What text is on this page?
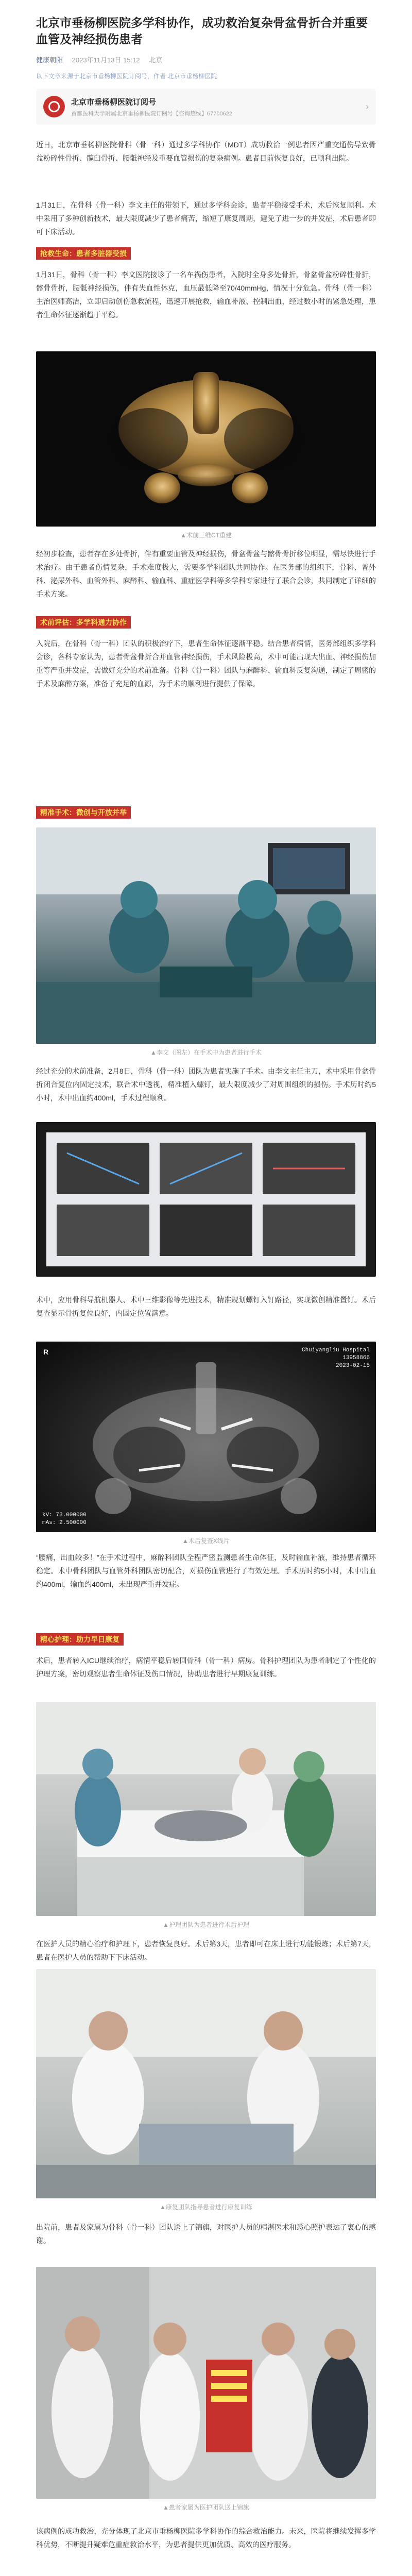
北京市垂杨柳医院多学科协作，成功救治复杂骨盆骨折合并重要血管及神经损伤患者
健康朝阳 2023年11月13日 15:12 北京
以下文章来源于北京市垂杨柳医院订阅号，作者 北京市垂杨柳医院
北京市垂杨柳医院订阅号
首都医科大学附属北京垂杨柳医院订阅号【咨询热线】67700622
›

近日，北京市垂杨柳医院骨科（骨一科）通过多学科协作（MDT）成功救治一例患者因严重交通伤导致骨盆粉碎性骨折、髋臼骨折、腰骶神经及重要血管损伤的复杂病例。患者目前恢复良好，已顺利出院。

1月31日，在骨科（骨一科）李文主任的带领下，通过多学科会诊，患者平稳接受手术，术后恢复顺利。术中采用了多种创新技术，最大限度减少了患者痛苦，缩短了康复周期，避免了进一步的并发症，术后患者即可下床活动。

抢救生命：患者多脏器受损

1月31日，骨科（骨一科）李文医院接诊了一名车祸伤患者，入院时全身多处骨折，骨盆骨盆粉碎性骨折，髂骨骨折，腰骶神经损伤，伴有失血性休克，血压最低降至70/40mmHg，情况十分危急。骨科（骨一科）主治医师高洁，立即启动创伤急救流程，迅速开展抢救，输血补液、控制出血，经过数小时的紧急处理，患者生命体征逐渐趋于平稳。

▲术前三维CT重建

经初步检查，患者存在多处骨折，伴有重要血管及神经损伤，骨盆骨盆与髂骨骨折移位明显，需尽快进行手术治疗。由于患者伤情复杂，手术难度极大，需要多学科团队共同协作。在医务部的组织下，骨科、普外科、泌尿外科、血管外科、麻醉科、输血科、重症医学科等多学科专家进行了联合会诊，共同制定了详细的手术方案。

术前评估：多学科通力协作

入院后，在骨科（骨一科）团队的积极治疗下，患者生命体征逐渐平稳。结合患者病情，医务部组织多学科会诊，各科专家认为，患者骨盆骨折合并血管神经损伤，手术风险极高，术中可能出现大出血、神经损伤加重等严重并发症，需做好充分的术前准备。骨科（骨一科）团队与麻醉科、输血科反复沟通，制定了周密的手术及麻醉方案，准备了充足的血源，为手术的顺利进行提供了保障。

精准手术：微创与开放并举
▲李文（图左）在手术中为患者进行手术

经过充分的术前准备，2月8日，骨科（骨一科）团队为患者实施了手术。由李文主任主刀，术中采用骨盆骨折闭合复位内固定技术，联合术中透视，精准植入螺钉，最大限度减少了对周围组织的损伤。手术历时约5小时，术中出血约400ml，手术过程顺利。

术中，应用骨科导航机器人、术中三维影像等先进技术，精准规划螺钉入钉路径，实现微创精准置钉。术后复查显示骨折复位良好，内固定位置满意。

Chuiyangliu Hospital
13958866
2023-02-15
kV: 73.000000
mAs: 2.500000
R
▲术后复查X线片

“腰痛，出血较多！”在手术过程中，麻醉科团队全程严密监测患者生命体征，及时输血补液，维持患者循环稳定。术中骨科团队与血管外科团队密切配合，对损伤血管进行了有效处理。手术历时约5小时，术中出血约400ml，输血约400ml，未出现严重并发症。

精心护理：助力早日康复

术后，患者转入ICU继续治疗，病情平稳后转回骨科（骨一科）病房。骨科护理团队为患者制定了个性化的护理方案，密切观察患者生命体征及伤口情况，协助患者进行早期康复训练。

▲护理团队为患者进行术后护理

在医护人员的精心治疗和护理下，患者恢复良好。术后第3天，患者即可在床上进行功能锻炼；术后第7天，患者在医护人员的帮助下下床活动。

▲康复团队指导患者进行康复训练

出院前，患者及家属为骨科（骨一科）团队送上了锦旗，对医护人员的精湛医术和悉心照护表达了衷心的感谢。

▲患者家属为医护团队送上锦旗

该病例的成功救治，充分体现了北京市垂杨柳医院多学科协作的综合救治能力。未来，医院将继续发挥多学科优势，不断提升疑难危重症救治水平，为患者提供更加优质、高效的医疗服务。
